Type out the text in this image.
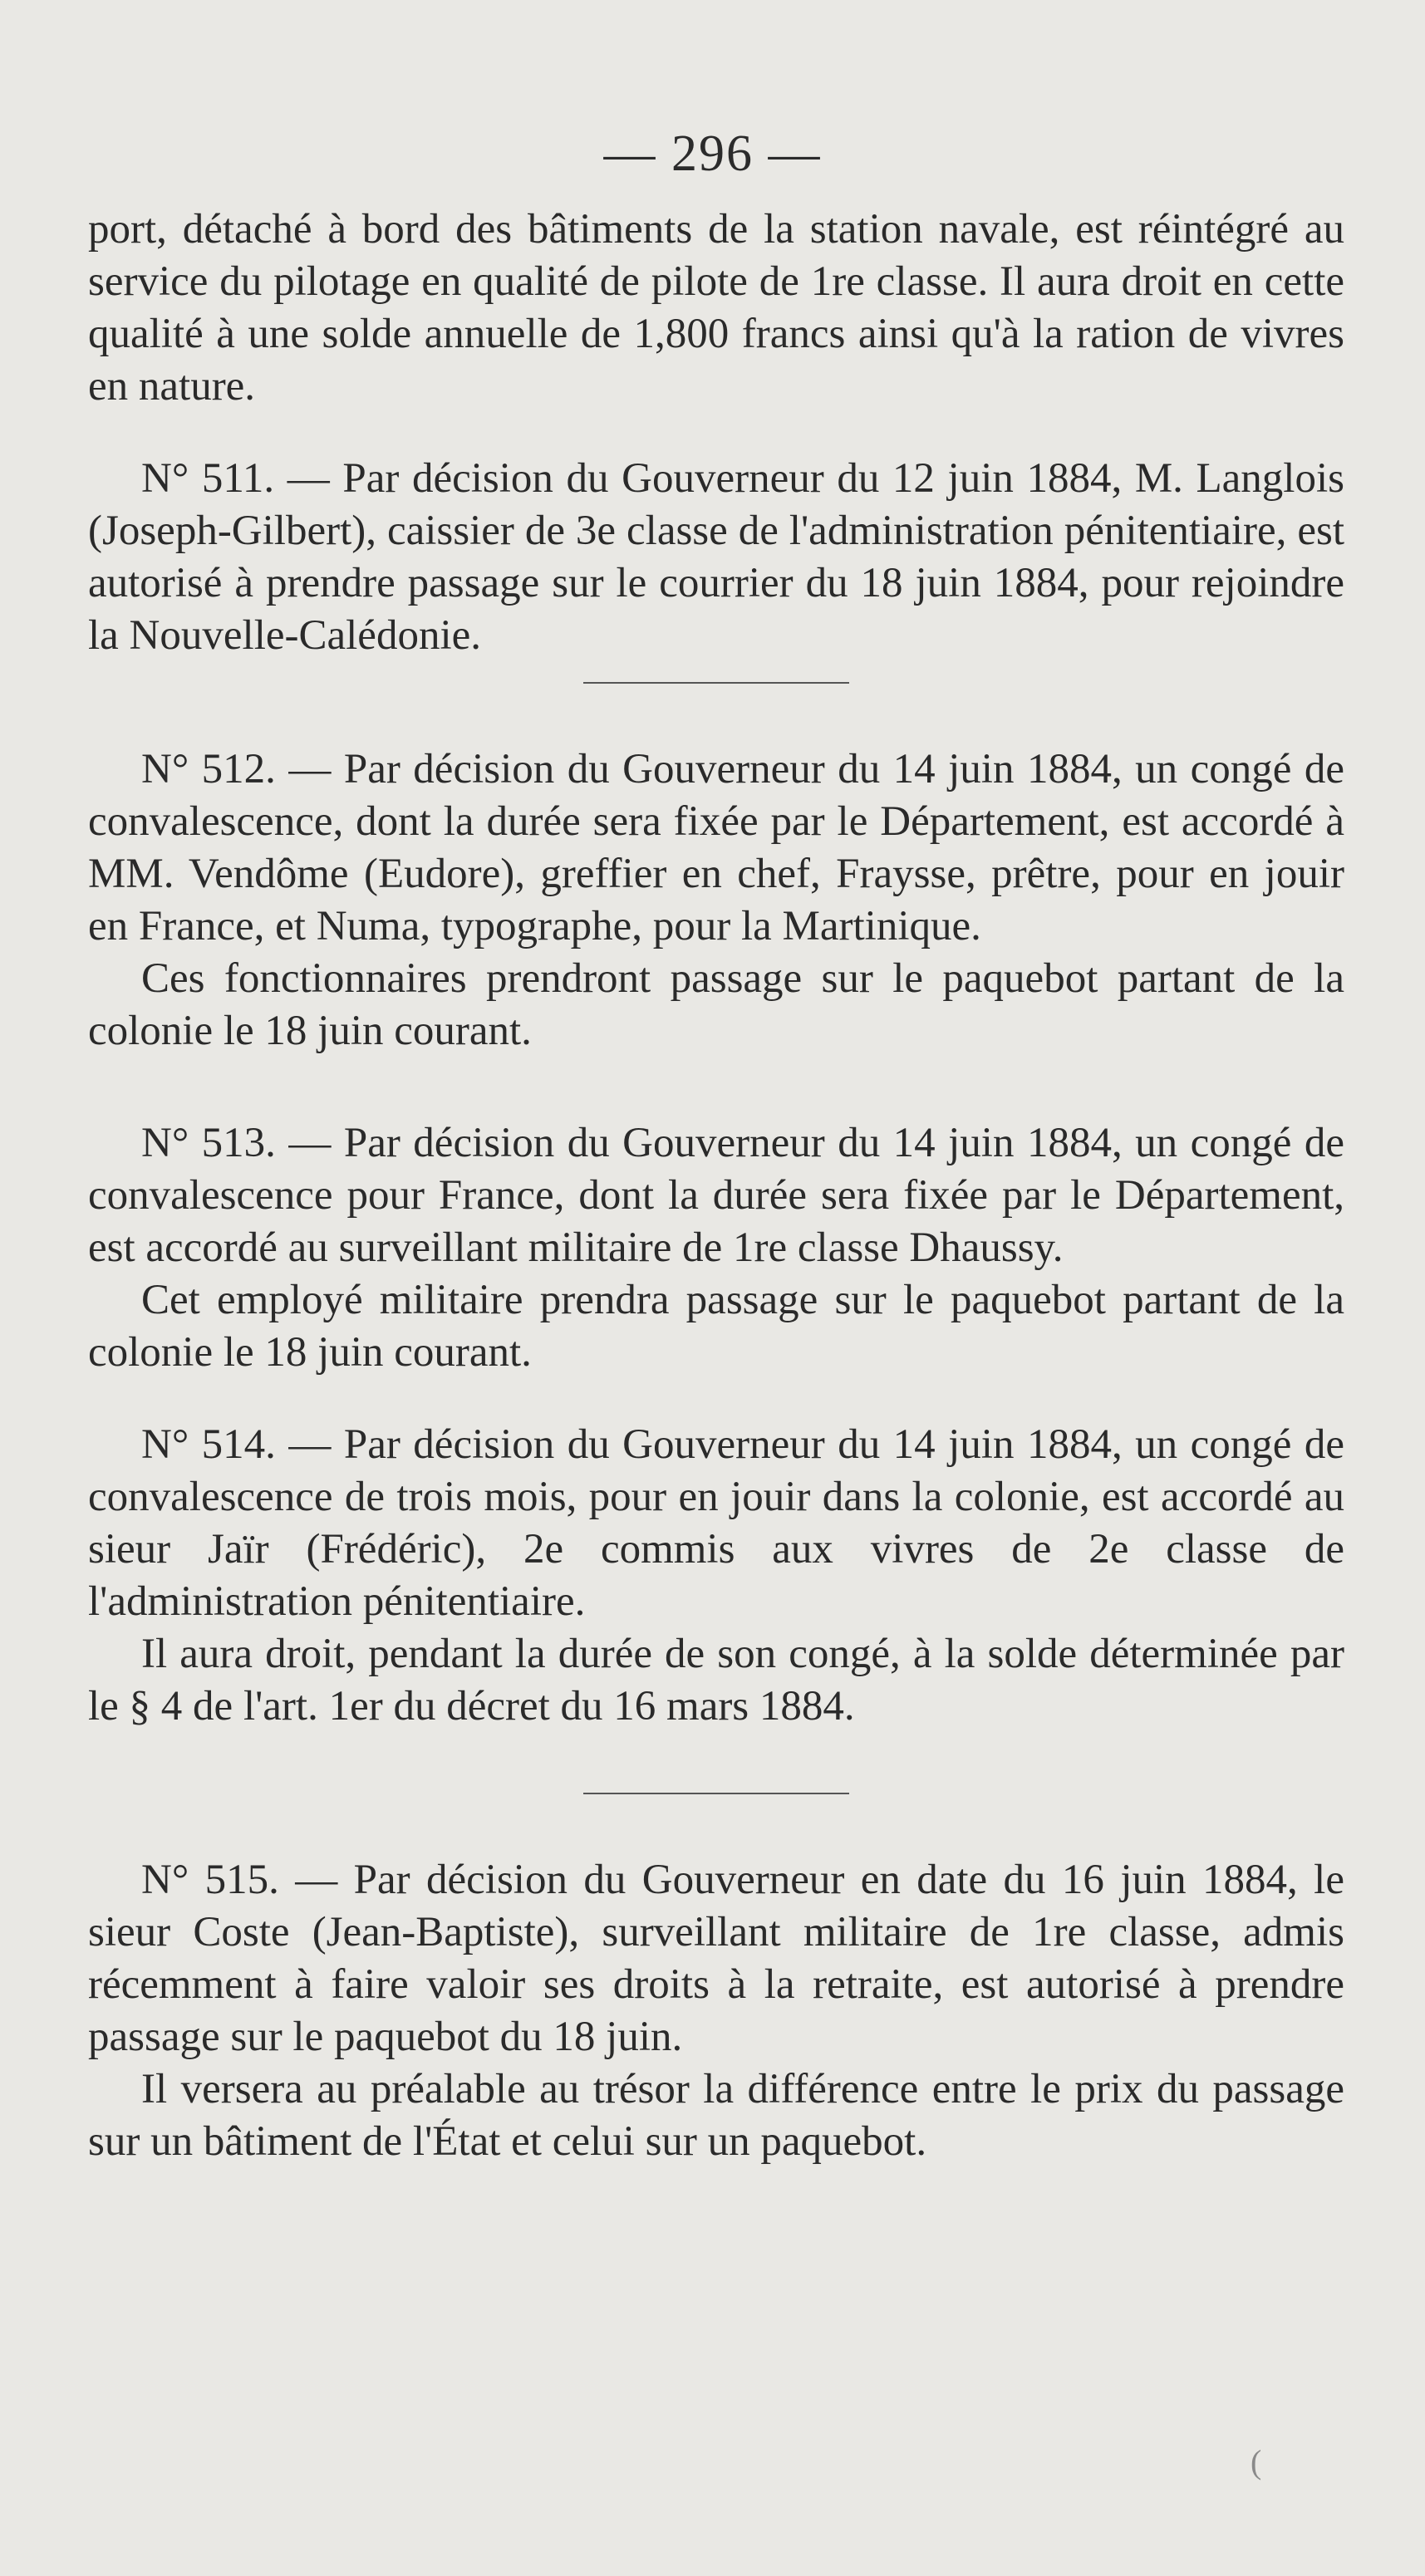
— 296 —

port, détaché à bord des bâtiments de la station navale, est réintégré au service du pilotage en qualité de pilote de 1re classe. Il aura droit en cette qualité à une solde annuelle de 1,800 francs ainsi qu'à la ration de vivres en nature.

N° 511. — Par décision du Gouverneur du 12 juin 1884, M. Langlois (Joseph-Gilbert), caissier de 3e classe de l'administration pénitentiaire, est autorisé à prendre passage sur le courrier du 18 juin 1884, pour rejoindre la Nouvelle-Calédonie.

N° 512. — Par décision du Gouverneur du 14 juin 1884, un congé de convalescence, dont la durée sera fixée par le Département, est accordé à MM. Vendôme (Eudore), greffier en chef, Fraysse, prêtre, pour en jouir en France, et Numa, typographe, pour la Martinique.

Ces fonctionnaires prendront passage sur le paquebot partant de la colonie le 18 juin courant.

N° 513. — Par décision du Gouverneur du 14 juin 1884, un congé de convalescence pour France, dont la durée sera fixée par le Département, est accordé au surveillant militaire de 1re classe Dhaussy.

Cet employé militaire prendra passage sur le paquebot partant de la colonie le 18 juin courant.

N° 514. — Par décision du Gouverneur du 14 juin 1884, un congé de convalescence de trois mois, pour en jouir dans la colonie, est accordé au sieur Jaïr (Frédéric), 2e commis aux vivres de 2e classe de l'administration pénitentiaire.

Il aura droit, pendant la durée de son congé, à la solde déterminée par le § 4 de l'art. 1er du décret du 16 mars 1884.

N° 515. — Par décision du Gouverneur en date du 16 juin 1884, le sieur Coste (Jean-Baptiste), surveillant militaire de 1re classe, admis récemment à faire valoir ses droits à la retraite, est autorisé à prendre passage sur le paquebot du 18 juin.

Il versera au préalable au trésor la différence entre le prix du passage sur un bâtiment de l'État et celui sur un paquebot.

(
